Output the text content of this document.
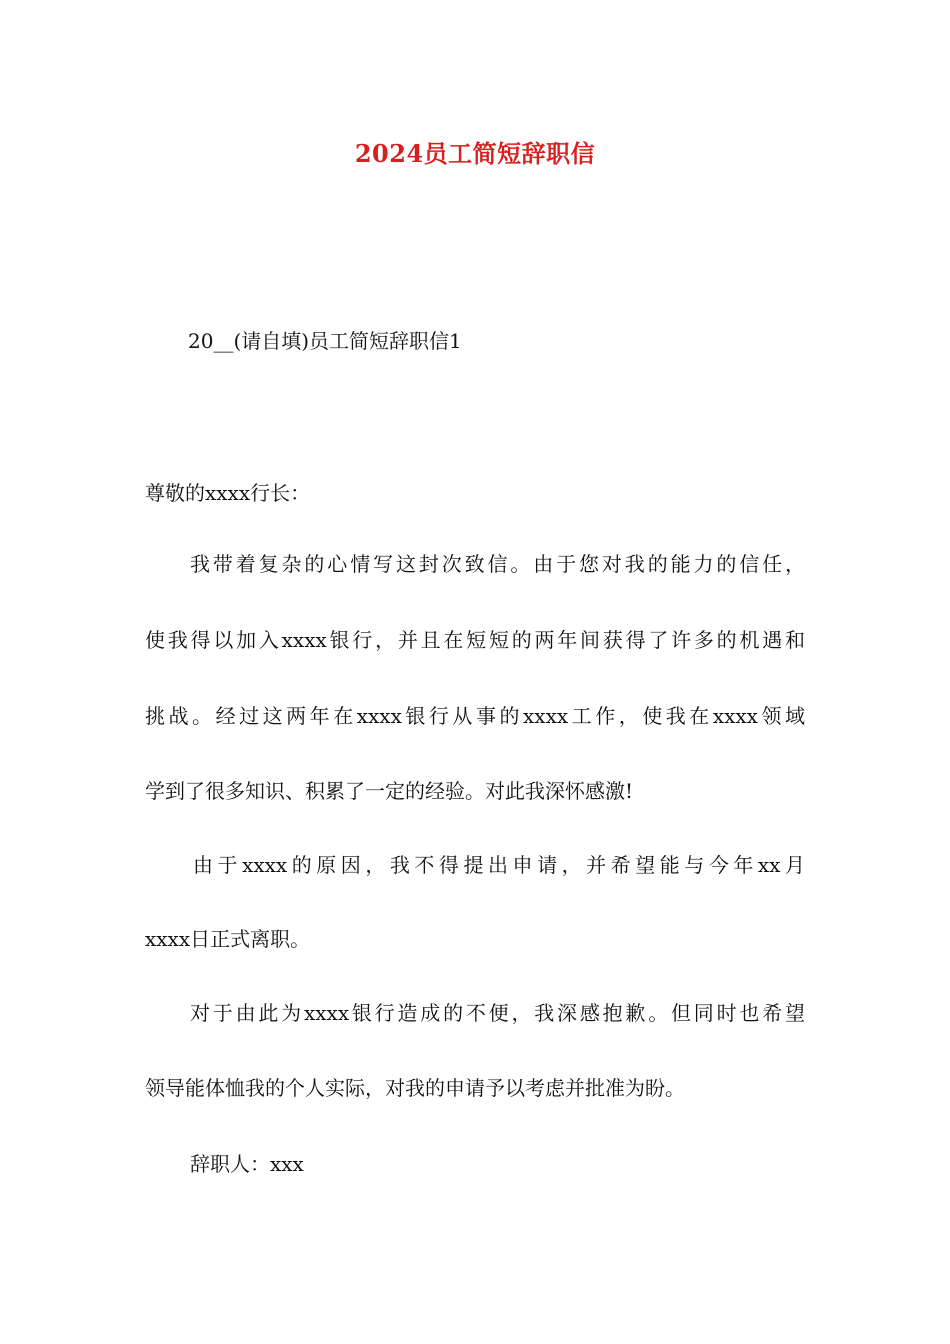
2024员工简短辞职信
20__(请自填)员工简短辞职信1
尊敬的xxxx行长：
我带着复杂的心情写这封次致信。由于您对我的能力的信任，
使我得以加入xxxx银行，并且在短短的两年间获得了许多的机遇和
挑战。经过这两年在xxxx银行从事的xxxx工作，使我在xxxx领域
学到了很多知识、积累了一定的经验。对此我深怀感激!
由于xxxx的原因，我不得提出申请，并希望能与今年xx月
xxxx日正式离职。
对于由此为xxxx银行造成的不便，我深感抱歉。但同时也希望
领导能体恤我的个人实际，对我的申请予以考虑并批准为盼。
辞职人：xxx
